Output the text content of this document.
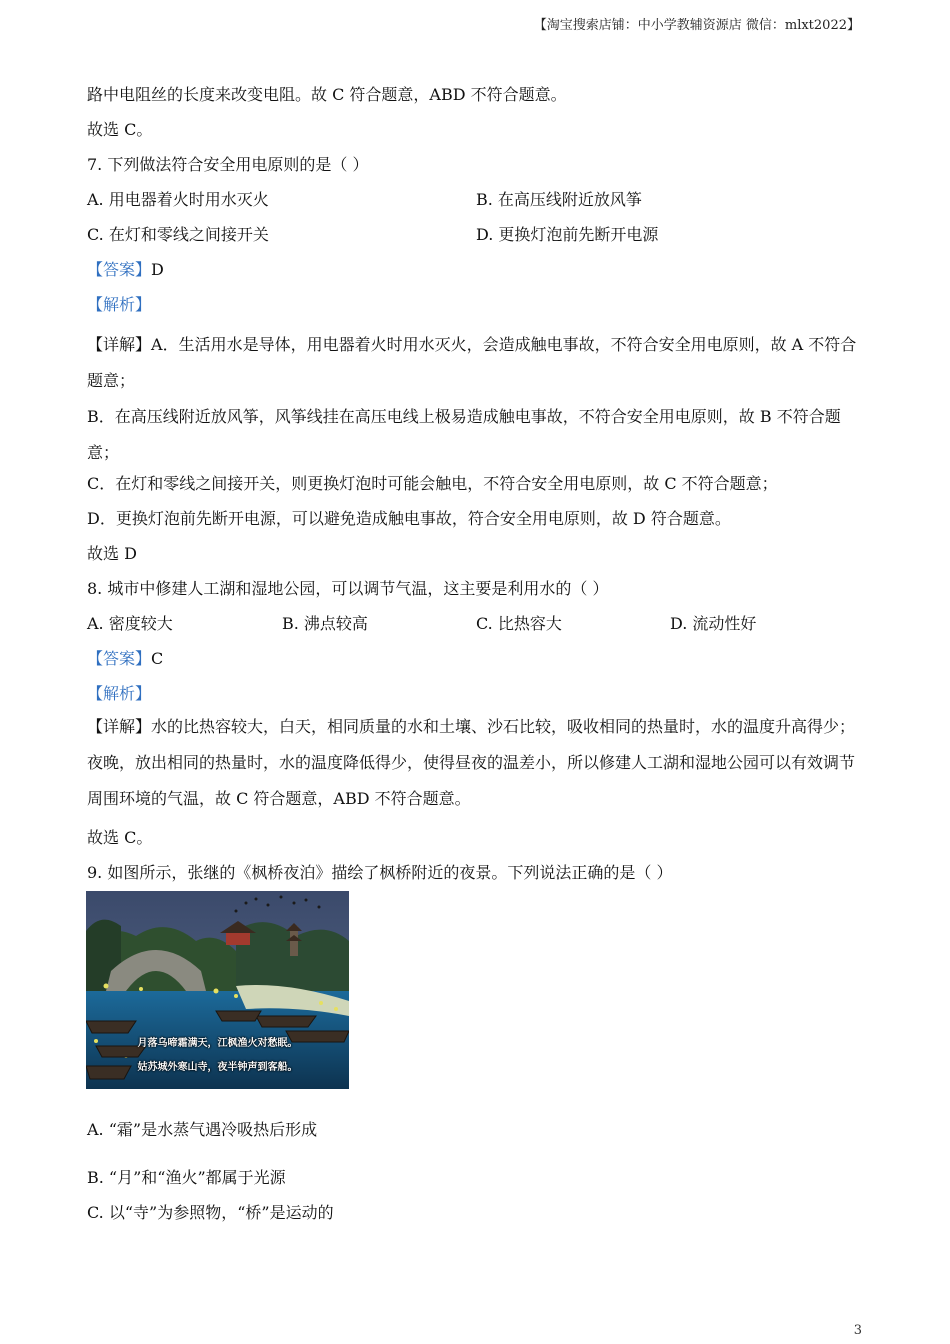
【淘宝搜索店铺：中小学教辅资源店 微信：mlxt2022】
路中电阻丝的长度来改变电阻。故 C 符合题意，ABD 不符合题意。
故选 C。
7. 下列做法符合安全用电原则的是（ ）
A. 用电器着火时用水灭火	B. 在高压线附近放风筝
C. 在灯和零线之间接开关	D. 更换灯泡前先断开电源
【答案】D
【解析】
【详解】A．生活用水是导体，用电器着火时用水灭火，会造成触电事故，不符合安全用电原则，故 A 不符合题意；
B．在高压线附近放风筝，风筝线挂在高压电线上极易造成触电事故，不符合安全用电原则，故 B 不符合题意；
C．在灯和零线之间接开关，则更换灯泡时可能会触电，不符合安全用电原则，故 C 不符合题意；
D．更换灯泡前先断开电源，可以避免造成触电事故，符合安全用电原则，故 D 符合题意。
故选 D
8. 城市中修建人工湖和湿地公园，可以调节气温，这主要是利用水的（ ）
A. 密度较大	B. 沸点较高	C. 比热容大	D. 流动性好
【答案】C
【解析】
【详解】水的比热容较大，白天，相同质量的水和土壤、沙石比较，吸收相同的热量时，水的温度升高得少；夜晚，放出相同的热量时，水的温度降低得少，使得昼夜的温差小，所以修建人工湖和湿地公园可以有效调节周围环境的气温，故 C 符合题意，ABD 不符合题意。
故选 C。
9. 如图所示，张继的《枫桥夜泊》描绘了枫桥附近的夜景。下列说法正确的是（ ）
月落乌啼霜满天，江枫渔火对愁眠。
姑苏城外寒山寺，夜半钟声到客船。
A. “霜”是水蒸气遇冷吸热后形成
B. “月”和“渔火”都属于光源
C. 以“寺”为参照物，“桥”是运动的
3
